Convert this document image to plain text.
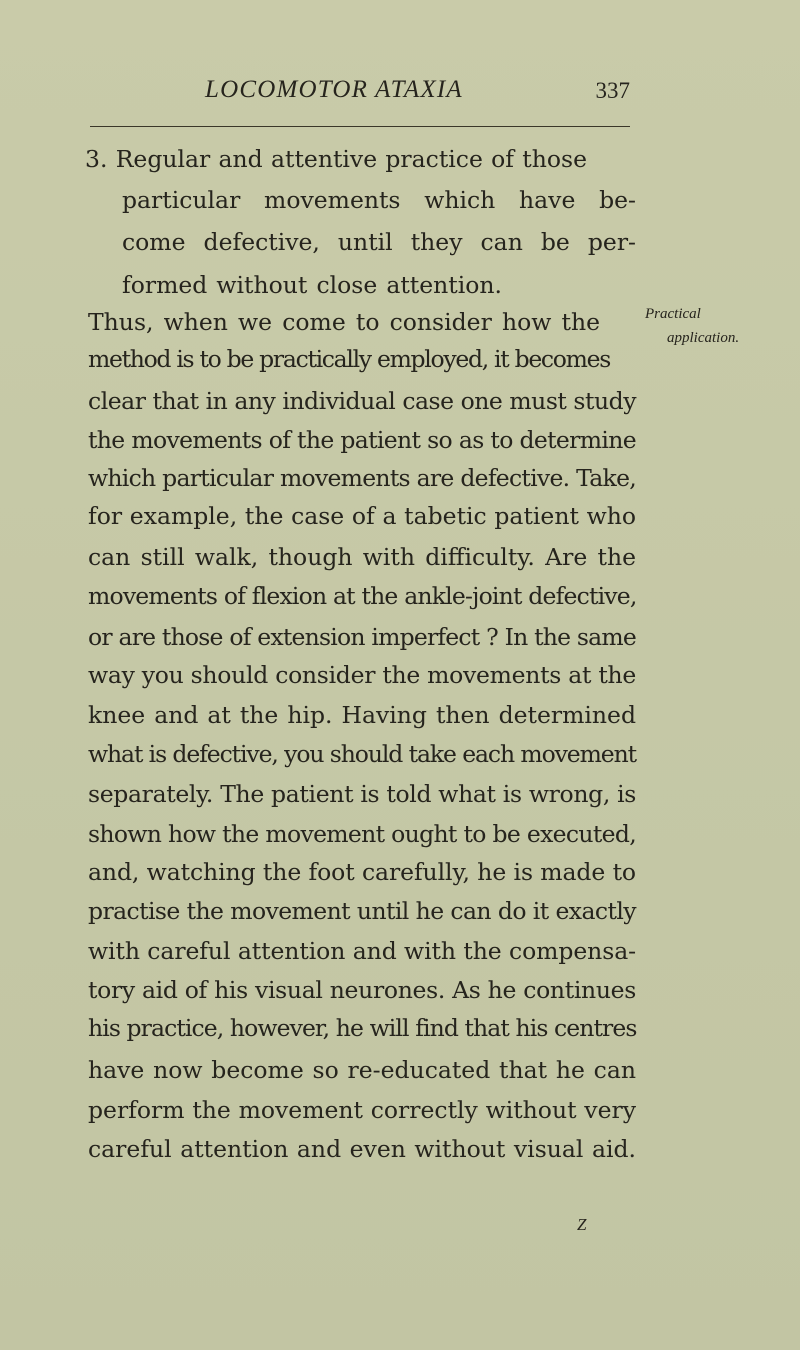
LOCOMOTOR ATAXIA	337
3. Regular and attentive practice of those
particular movements which have be-
come defective, until they can be per-
formed without close attention.
Thus, when we come to consider how the
method is to be practically employed, it becomes
clear that in any individual case one must study
the movements of the patient so as to determine
which particular movements are defective. Take,
for example, the case of a tabetic patient who
can still walk, though with difficulty. Are the
movements of flexion at the ankle-joint defective,
or are those of extension imperfect ? In the same
way you should consider the movements at the
knee and at the hip. Having then determined
what is defective, you should take each movement
separately. The patient is told what is wrong, is
shown how the movement ought to be executed,
and, watching the foot carefully, he is made to
practise the movement until he can do it exactly
with careful attention and with the compensa-
tory aid of his visual neurones. As he continues
his practice, however, he will find that his centres
have now become so re-educated that he can
perform the movement correctly without very
careful attention and even without visual aid.
Practical
application.
Z
